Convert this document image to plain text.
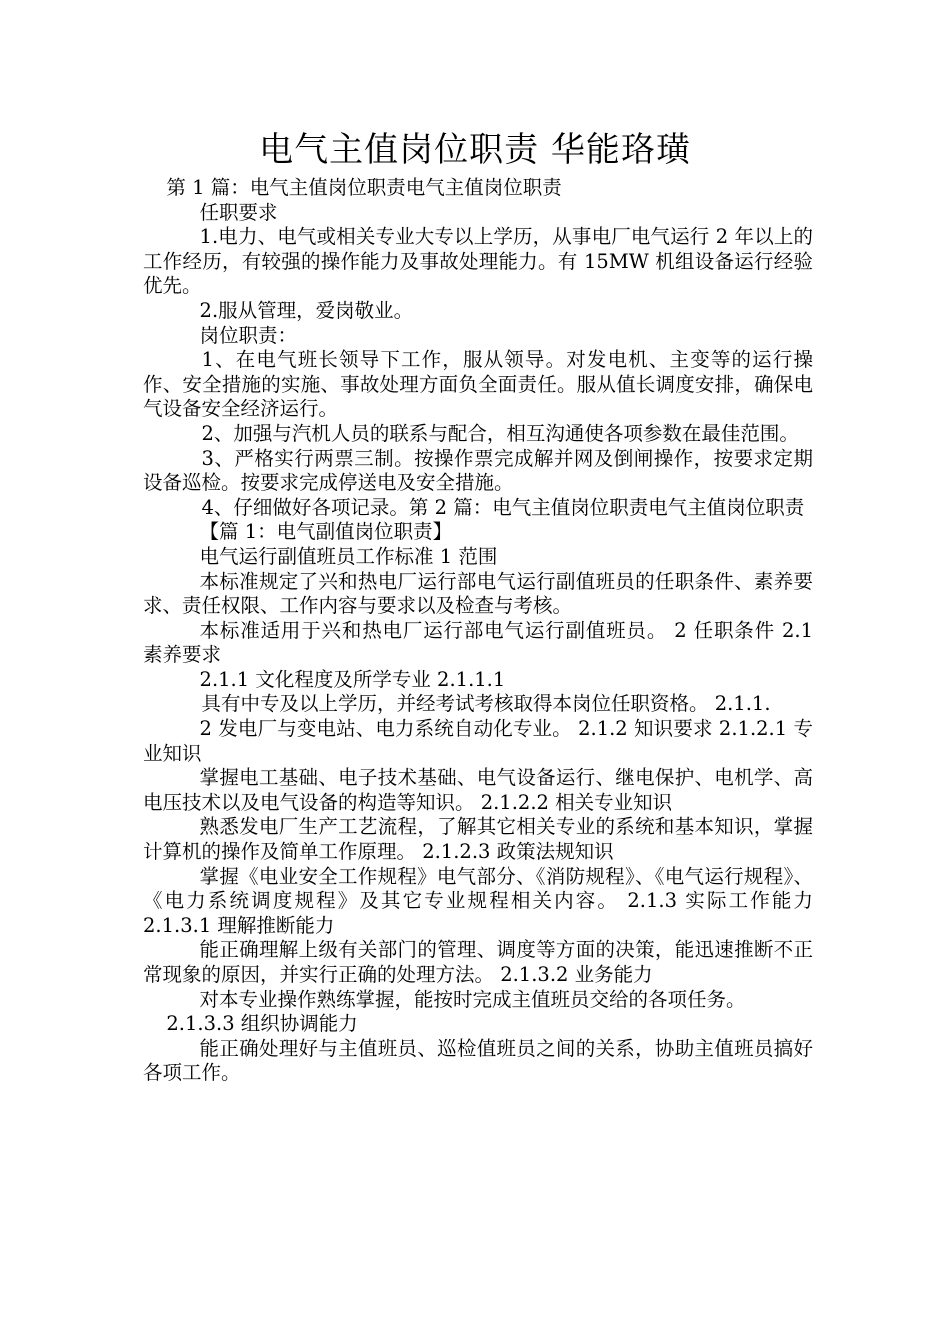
电气主值岗位职责 华能珞璜

第 1 篇：电气主值岗位职责电气主值岗位职责

任职要求

1.电力、电气或相关专业大专以上学历，从事电厂电气运行 2 年以上的工作经历，有较强的操作能力及事故处理能力。有 15MW 机组设备运行经验优先。

2.服从管理，爱岗敬业。

岗位职责：

1、在电气班长领导下工作，服从领导。对发电机、主变等的运行操作、安全措施的实施、事故处理方面负全面责任。服从值长调度安排，确保电气设备安全经济运行。

2、加强与汽机人员的联系与配合，相互沟通使各项参数在最佳范围。

3、严格实行两票三制。按操作票完成解并网及倒闸操作，按要求定期设备巡检。按要求完成停送电及安全措施。

4、仔细做好各项记录。第 2 篇：电气主值岗位职责电气主值岗位职责

【篇 1：电气副值岗位职责】

电气运行副值班员工作标准 1 范围

本标准规定了兴和热电厂运行部电气运行副值班员的任职条件、素养要求、责任权限、工作内容与要求以及检查与考核。

本标准适用于兴和热电厂运行部电气运行副值班员。 2 任职条件 2.1 素养要求

2.1.1 文化程度及所学专业 2.1.1.1

具有中专及以上学历，并经考试考核取得本岗位任职资格。 2.1.1.

2 发电厂与变电站、电力系统自动化专业。 2.1.2 知识要求 2.1.2.1 专业知识

掌握电工基础、电子技术基础、电气设备运行、继电保护、电机学、高电压技术以及电气设备的构造等知识。 2.1.2.2 相关专业知识

熟悉发电厂生产工艺流程，了解其它相关专业的系统和基本知识，掌握计算机的操作及简单工作原理。 2.1.2.3 政策法规知识

掌握《电业安全工作规程》电气部分、《消防规程》、《电气运行规程》、《电力系统调度规程》及其它专业规程相关内容。 2.1.3 实际工作能力 2.1.3.1 理解推断能力

能正确理解上级有关部门的管理、调度等方面的决策，能迅速推断不正常现象的原因，并实行正确的处理方法。 2.1.3.2 业务能力

对本专业操作熟练掌握，能按时完成主值班员交给的各项任务。

2.1.3.3 组织协调能力

能正确处理好与主值班员、巡检值班员之间的关系，协助主值班员搞好各项工作。
